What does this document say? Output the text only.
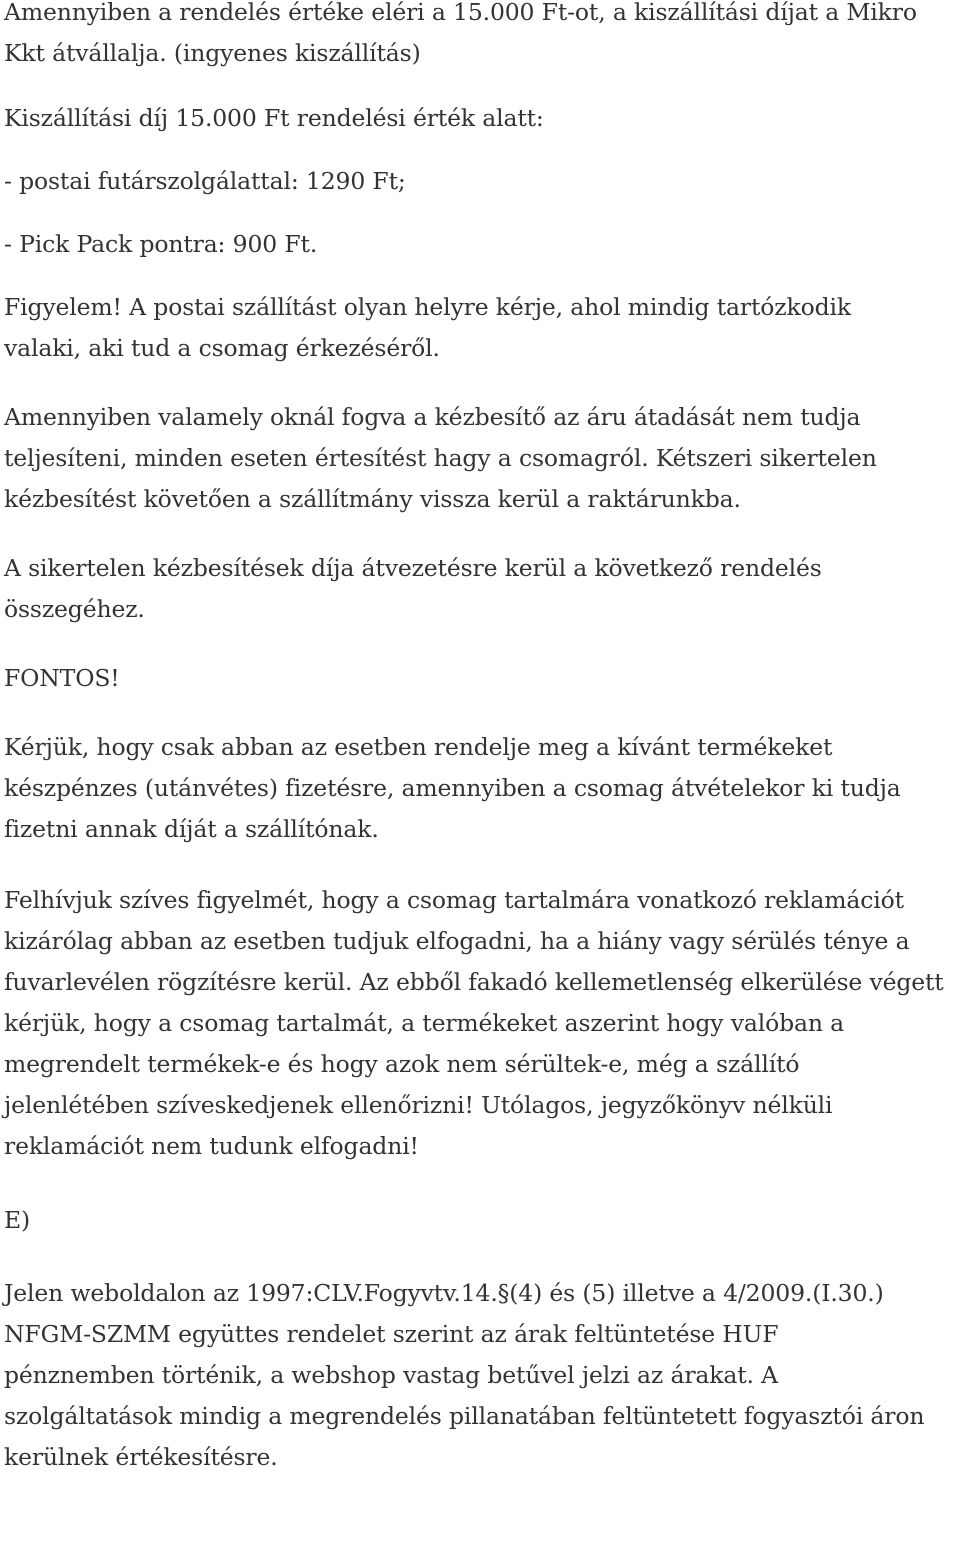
Amennyiben a rendelés értéke eléri a 15.000 Ft-ot, a kiszállítási díjat a Mikro
Kkt átvállalja. (ingyenes kiszállítás)

Kiszállítási díj 15.000 Ft rendelési érték alatt:

- postai futárszolgálattal: 1290 Ft;

- Pick Pack pontra: 900 Ft.

Figyelem! A postai szállítást olyan helyre kérje, ahol mindig tartózkodik
valaki, aki tud a csomag érkezéséről.

Amennyiben valamely oknál fogva a kézbesítő az áru átadását nem tudja
teljesíteni, minden eseten értesítést hagy a csomagról. Kétszeri sikertelen
kézbesítést követően a szállítmány vissza kerül a raktárunkba.

A sikertelen kézbesítések díja átvezetésre kerül a következő rendelés
összegéhez.

FONTOS!

Kérjük, hogy csak abban az esetben rendelje meg a kívánt termékeket
készpénzes (utánvétes) fizetésre, amennyiben a csomag átvételekor ki tudja
fizetni annak díját a szállítónak.

Felhívjuk szíves figyelmét, hogy a csomag tartalmára vonatkozó reklamációt
kizárólag abban az esetben tudjuk elfogadni, ha a hiány vagy sérülés ténye a
fuvarlevélen rögzítésre kerül. Az ebből fakadó kellemetlenség elkerülése végett
kérjük, hogy a csomag tartalmát, a termékeket aszerint hogy valóban a
megrendelt termékek-e és hogy azok nem sérültek-e, még a szállító
jelenlétében szíveskedjenek ellenőrizni! Utólagos, jegyzőkönyv nélküli
reklamációt nem tudunk elfogadni!

E)

Jelen weboldalon az 1997:CLV.Fogyvtv.14.§(4) és (5) illetve a 4/2009.(I.30.)
NFGM-SZMM együttes rendelet szerint az árak feltüntetése HUF
pénznemben történik, a webshop vastag betűvel jelzi az árakat. A
szolgáltatások mindig a megrendelés pillanatában feltüntetett fogyasztói áron
kerülnek értékesítésre.
